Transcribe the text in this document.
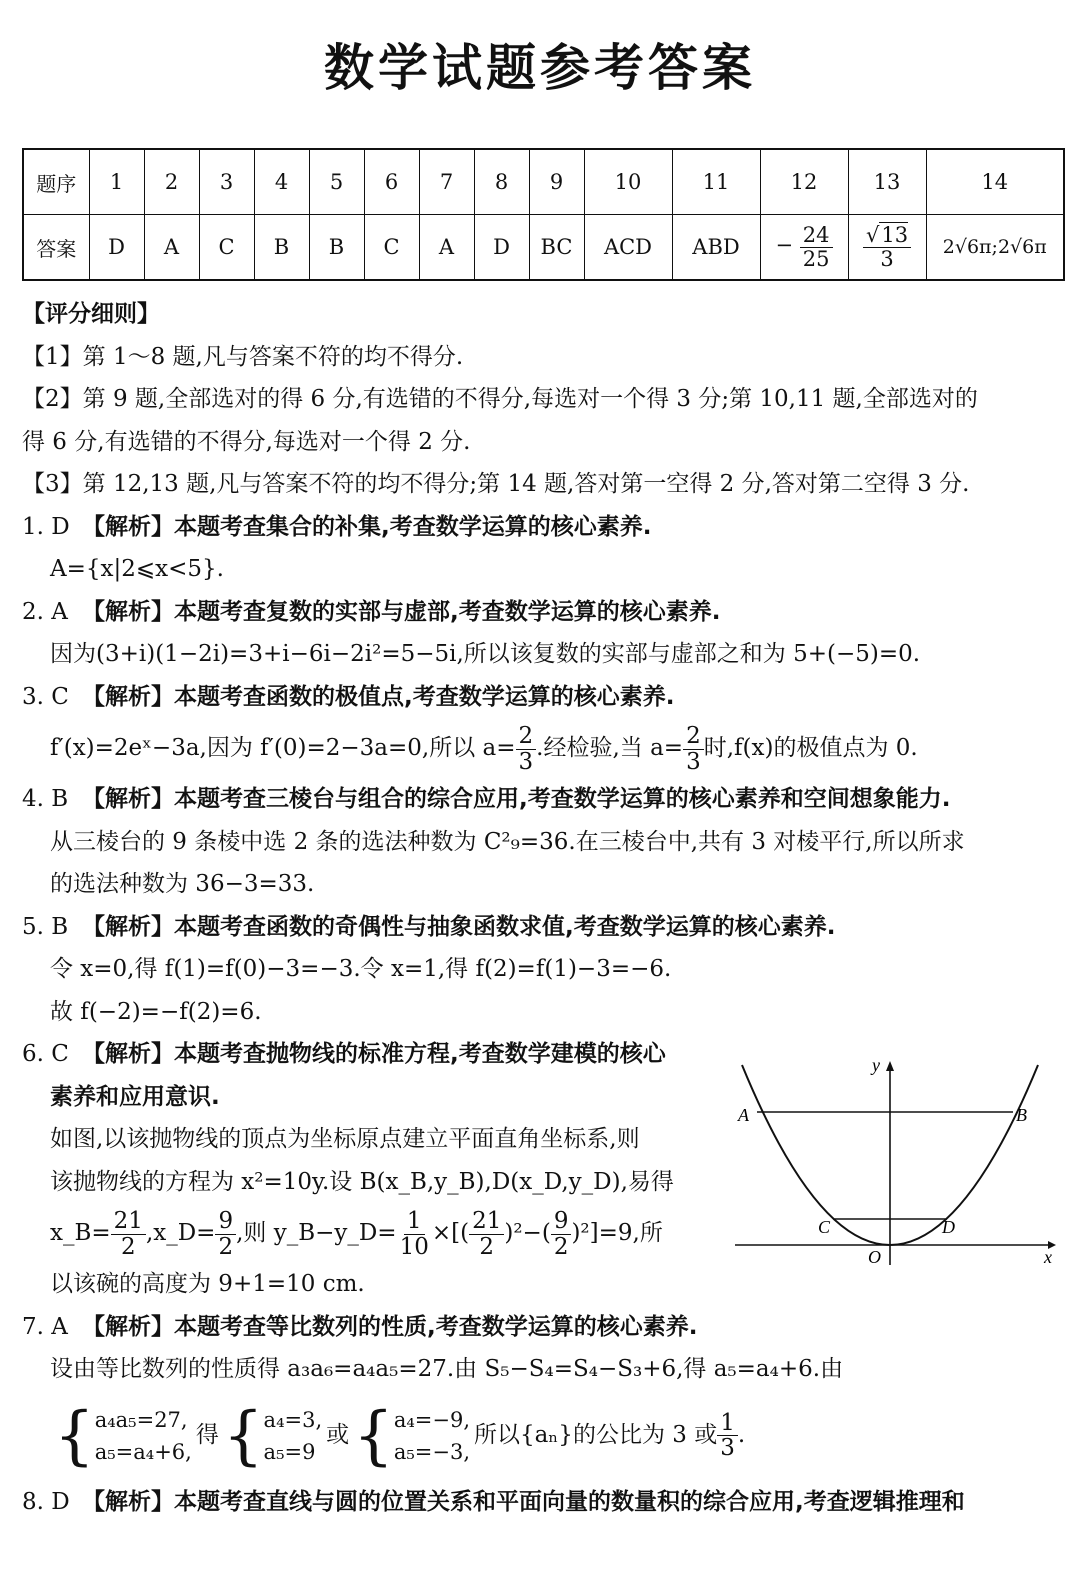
数学试题参考答案
题序	1	2	3	4	5	6	7	8	9	10	11	12	13	14
答案	D	A	C	B	B	C	A	D	BC	ACD	ABD	− $\frac{24}{25}$	$\frac{√13}{3}$	2√6π;2√6π
【评分细则】
【1】第 1～8 题,凡与答案不符的均不得分.
【2】第 9 题,全部选对的得 6 分,有选错的不得分,每选对一个得 3 分;第 10,11 题,全部选对的
得 6 分,有选错的不得分,每选对一个得 2 分.
【3】第 12,13 题,凡与答案不符的均不得分;第 14 题,答对第一空得 2 分,答对第二空得 3 分.
1. D 【解析】本题考查集合的补集,考查数学运算的核心素养.
A={x|2⩽x<5}.
2. A 【解析】本题考查复数的实部与虚部,考查数学运算的核心素养.
因为(3+i)(1−2i)=3+i−6i−2i²=5−5i,所以该复数的实部与虚部之和为 5+(−5)=0.
3. C 【解析】本题考查函数的极值点,考查数学运算的核心素养.
f′(x)=2eˣ−3a,因为 f′(0)=2−3a=0,所以 $a= \frac{2}{3}$ .经检验,当 $a= \frac{2}{3}$ 时,f(x)的极值点为 0.
4. B 【解析】本题考查三棱台与组合的综合应用,考查数学运算的核心素养和空间想象能力.
从三棱台的 9 条棱中选 2 条的选法种数为 C²₉=36.在三棱台中,共有 3 对棱平行,所以所求
的选法种数为 36−3=33.
5. B 【解析】本题考查函数的奇偶性与抽象函数求值,考查数学运算的核心素养.
令 x=0,得 f(1)=f(0)−3=−3.令 x=1,得 f(2)=f(1)−3=−6.
故 f(−2)=−f(2)=6.
6. C 【解析】本题考查抛物线的标准方程,考查数学建模的核心
素养和应用意识.
如图,以该抛物线的顶点为坐标原点建立平面直角坐标系,则
该抛物线的方程为 x²=10y.设 B(x_B,y_B),D(x_D,y_D),易得
x_B= $\frac{21}{2}$ ,x_D= $\frac{9}{2}$ ,则 y_B−y_D= $\frac{1}{10}$ ×[( $\frac{21}{2} )^2-( \frac{9}{2} )^2]=9$,所
以该碗的高度为 9+1=10 cm.
7. A 【解析】本题考查等比数列的性质,考查数学运算的核心素养.
设由等比数列的性质得 a₃a₆=a₄a₅=27.由 S₅−S₄=S₄−S₃+6,得 a₅=a₄+6.由
{ a₄a₅=27,
a₅=a₄+6,
得 { a₄=3,
a₅=9
或 { a₄=−9,
a₅=−3,
所以{aₙ}的公比为 3 或 $\frac{1}{3}$ .
8. D 【解析】本题考查直线与圆的位置关系和平面向量的数量积的综合应用,考查逻辑推理和
y
x
O
A	B
C	D
